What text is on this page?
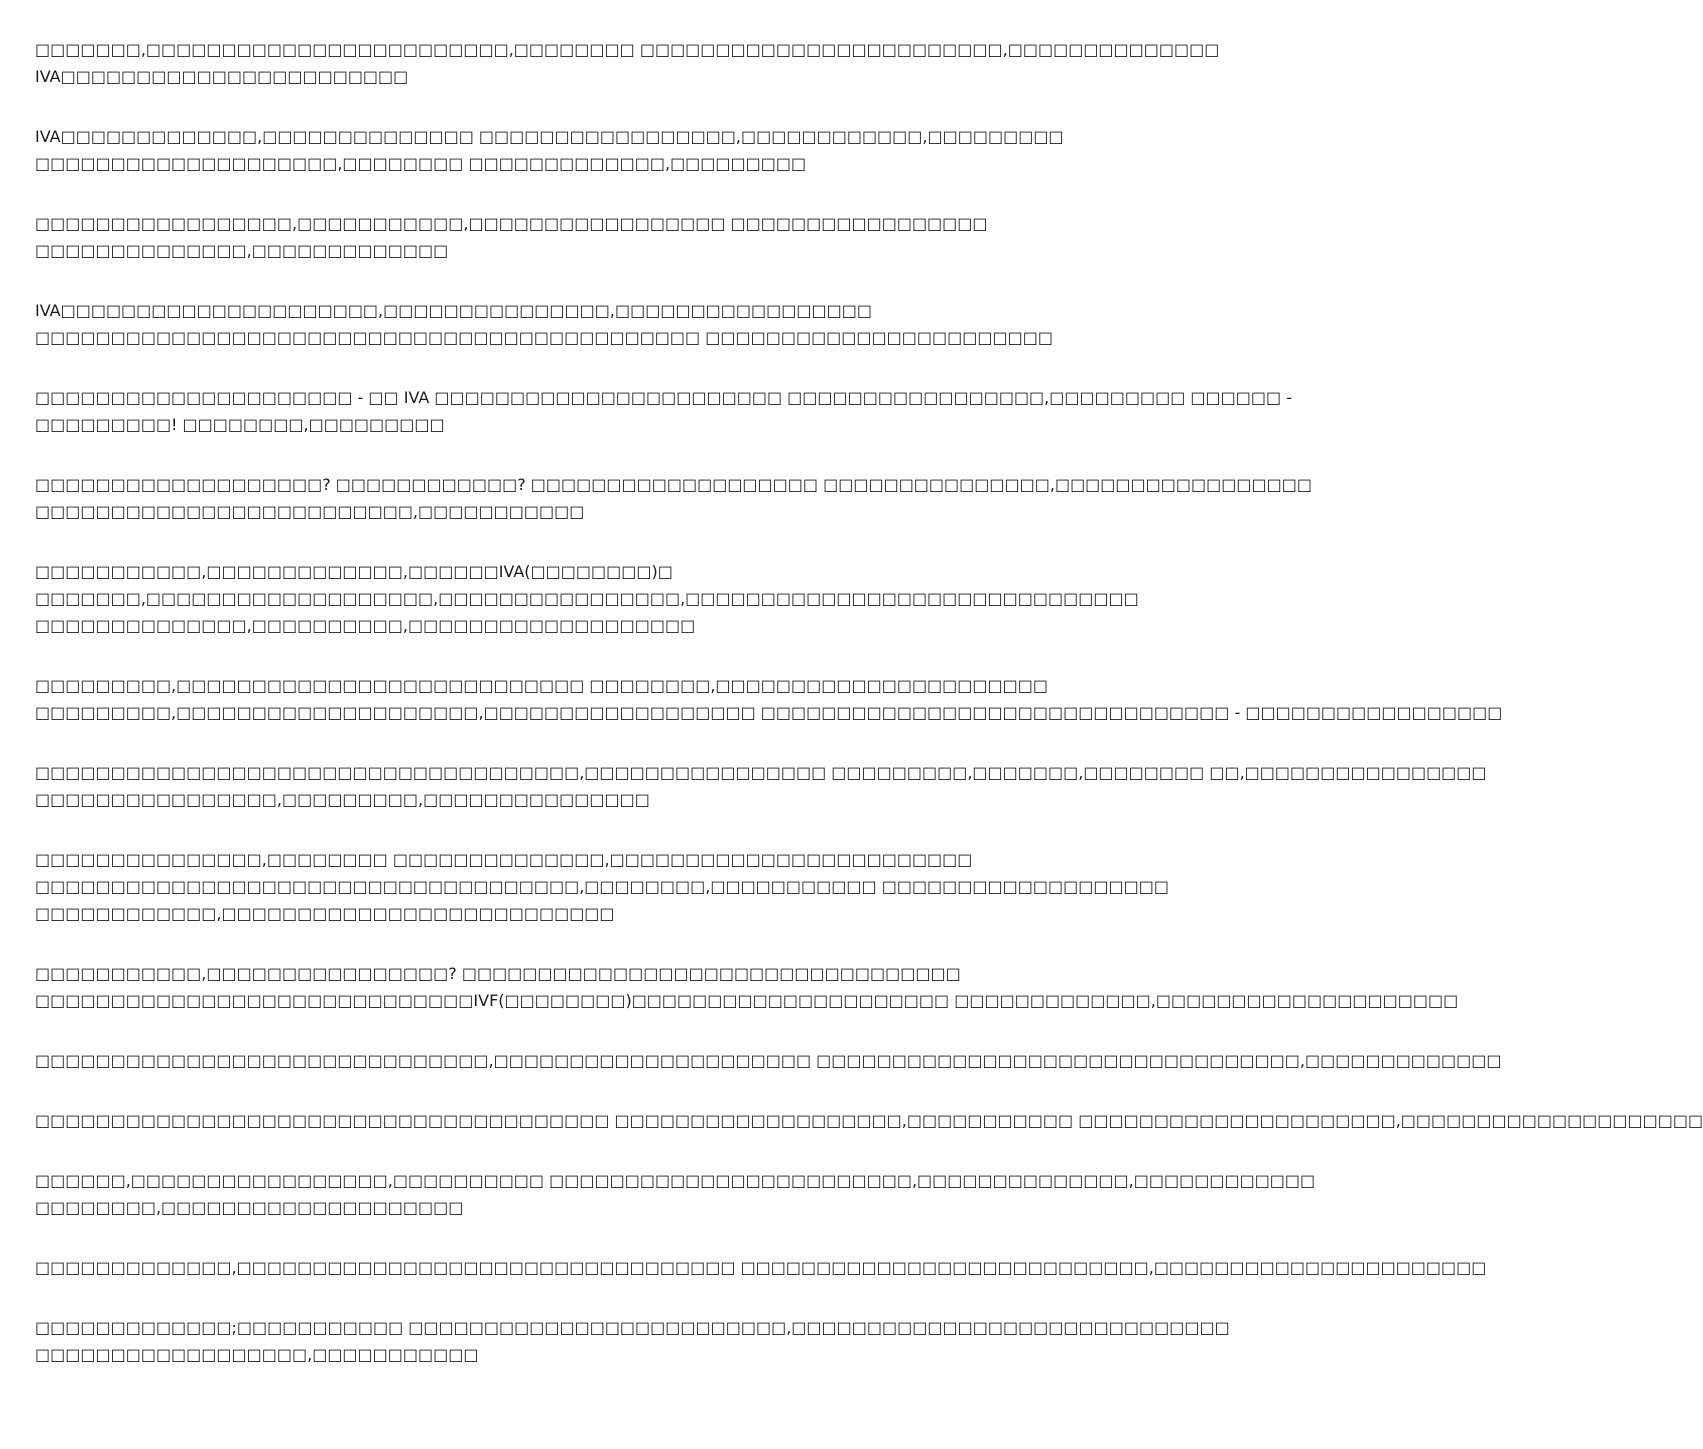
□□□□□□□,□□□□□□□□□□□□□□□□□□□□□□□□,□□□□□□□□ □□□□□□□□□□□□□□□□□□□□□□□□,□□□□□□□□□□□□□□
IVA□□□□□□□□□□□□□□□□□□□□□□□
IVA□□□□□□□□□□□□□,□□□□□□□□□□□□□□ □□□□□□□□□□□□□□□□□,□□□□□□□□□□□□,□□□□□□□□□
□□□□□□□□□□□□□□□□□□□□,□□□□□□□□ □□□□□□□□□□□□□,□□□□□□□□□
□□□□□□□□□□□□□□□□□,□□□□□□□□□□□,□□□□□□□□□□□□□□□□□ □□□□□□□□□□□□□□□□□
□□□□□□□□□□□□□□,□□□□□□□□□□□□□
IVA□□□□□□□□□□□□□□□□□□□□□,□□□□□□□□□□□□□□□,□□□□□□□□□□□□□□□□□
□□□□□□□□□□□□□□□□□□□□□□□□□□□□□□□□□□□□□□□□□□□□ □□□□□□□□□□□□□□□□□□□□□□□
□□□□□□□□□□□□□□□□□□□□□ - □□ IVA □□□□□□□□□□□□□□□□□□□□□□□ □□□□□□□□□□□□□□□□□,□□□□□□□□□ □□□□□□ -
□□□□□□□□□! □□□□□□□□,□□□□□□□□□
□□□□□□□□□□□□□□□□□□□? □□□□□□□□□□□□? □□□□□□□□□□□□□□□□□□□ □□□□□□□□□□□□□□□,□□□□□□□□□□□□□□□□□
□□□□□□□□□□□□□□□□□□□□□□□□□,□□□□□□□□□□□
□□□□□□□□□□□,□□□□□□□□□□□□□,□□□□□□IVA(□□□□□□□□)□
□□□□□□□,□□□□□□□□□□□□□□□□□□□,□□□□□□□□□□□□□□□□,□□□□□□□□□□□□□□□□□□□□□□□□□□□□□□
□□□□□□□□□□□□□□,□□□□□□□□□□,□□□□□□□□□□□□□□□□□□□
□□□□□□□□□,□□□□□□□□□□□□□□□□□□□□□□□□□□□ □□□□□□□□,□□□□□□□□□□□□□□□□□□□□□□
□□□□□□□□□,□□□□□□□□□□□□□□□□□□□□,□□□□□□□□□□□□□□□□□□ □□□□□□□□□□□□□□□□□□□□□□□□□□□□□□□ - □□□□□□□□□□□□□□□□□
□□□□□□□□□□□□□□□□□□□□□□□□□□□□□□□□□□□□,□□□□□□□□□□□□□□□□ □□□□□□□□□,□□□□□□□,□□□□□□□□ □□,□□□□□□□□□□□□□□□□
□□□□□□□□□□□□□□□□,□□□□□□□□□,□□□□□□□□□□□□□□□
□□□□□□□□□□□□□□□,□□□□□□□□ □□□□□□□□□□□□□□,□□□□□□□□□□□□□□□□□□□□□□□□
□□□□□□□□□□□□□□□□□□□□□□□□□□□□□□□□□□□□,□□□□□□□□,□□□□□□□□□□□ □□□□□□□□□□□□□□□□□□□
□□□□□□□□□□□□,□□□□□□□□□□□□□□□□□□□□□□□□□□
□□□□□□□□□□□,□□□□□□□□□□□□□□□□? □□□□□□□□□□□□□□□□□□□□□□□□□□□□□□□□□
□□□□□□□□□□□□□□□□□□□□□□□□□□□□□IVF(□□□□□□□□)□□□□□□□□□□□□□□□□□□□□□ □□□□□□□□□□□□□,□□□□□□□□□□□□□□□□□□□□
□□□□□□□□□□□□□□□□□□□□□□□□□□□□□□,□□□□□□□□□□□□□□□□□□□□□ □□□□□□□□□□□□□□□□□□□□□□□□□□□□□□□□,□□□□□□□□□□□□□
□□□□□□□□□□□□□□□□□□□□□□□□□□□□□□□□□□□□□□ □□□□□□□□□□□□□□□□□□□,□□□□□□□□□□□ □□□□□□□□□□□□□□□□□□□□□,□□□□□□□□□□□□□□□□□□□□
□□□□□□,□□□□□□□□□□□□□□□□□,□□□□□□□□□□ □□□□□□□□□□□□□□□□□□□□□□□□,□□□□□□□□□□□□□□,□□□□□□□□□□□□
□□□□□□□□,□□□□□□□□□□□□□□□□□□□□
□□□□□□□□□□□□□,□□□□□□□□□□□□□□□□□□□□□□□□□□□□□□□□□ □□□□□□□□□□□□□□□□□□□□□□□□□□□,□□□□□□□□□□□□□□□□□□□□□□
□□□□□□□□□□□□□;□□□□□□□□□□□ □□□□□□□□□□□□□□□□□□□□□□□□□,□□□□□□□□□□□□□□□□□□□□□□□□□□□□□
□□□□□□□□□□□□□□□□□□,□□□□□□□□□□□
